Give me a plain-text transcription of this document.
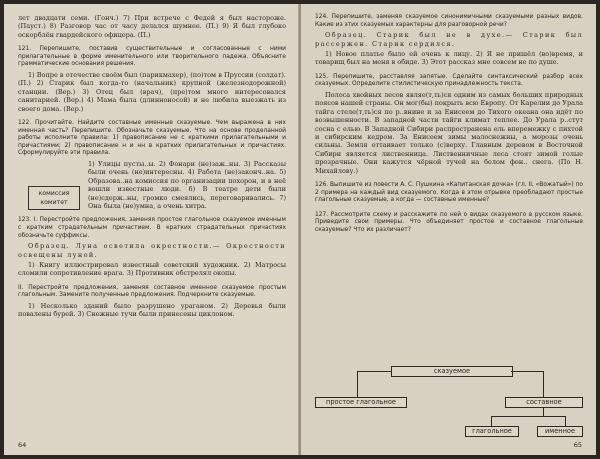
лет двадцати семи. (Гонч.) 7) При встрече с Федей я был настороже. (Пауст.) 8) Разговор час от часу делался шумнее. (П.) 9) Я был глубоко оскорблён гвардейского офицера. (П.)

121. Перепишите, поставив существительные и согласованные с ними прилагательные в форме именительного или творительного падежа. Объясните грамматические основания решения.

1) Вопре в отечестве своём был (парикмахер), (по)том в Пруссии (солдат). (П.) 2) Старик был когда-то (начальник) крупной (железнодорожной) станции. (Вер.) 3) Отец был (врач), (пре)том много интересовался санитарией. (Вер.) 4) Мама была (длинноносой) и не любила выезжать из своего дома. (Вер.)

122. Прочитайте. Найдите составные именные сказуемые. Чем выражена в них именная часть? Перепишите. Обозначьте сказуемые. Что на основе проделанной работы исполните правила: 1) правописание не с краткими прилагательными и причастиями; 2) правописание н и нн в кратких прилагательных и причастиях. Сформулируйте эти правила.

комиссия
комитет

1) Улицы пусты..ы. 2) Фонари (не)заж..ны. 3) Рассказы были очень (не)интересны. 4) Работа (не)законч..на. 5) Образова..на комиссия по организации похорон, и в неё вошли известные люди. 6) В театре дети были (не)сдерж..ны, громко смеялись, переговаривались. 7) Она была (не)умна, а очень хитра.

123. I. Перестройте предложения, заменяя простое глагольное сказуемое именным с кратким страдательным причастием. В кратких страдательных причастиях обозначьте суффиксы.

Образец. Луна осветила окрестности.— Окрестности освещены луной.

1) Книгу иллюстрировал известный советский художник. 2) Матросы сломили сопротивление врага. 3) Противник обстрелял окопы.

II. Перестройте предложения, заменяя составное именное сказуемое простым глагольным. Замените полученные предложения. Подчеркните сказуемые.

1) Несколько зданий было разрушено ураганом. 2) Деревья были повалены бурей. 3) Снежные тучи были принесены циклоном.

64

124. Перепишите, заменяя сказуемое синонимичными сказуемыми разных видов. Какие из этих сказуемых характерны для разговорной речи?

Образец. Старик был не в духе.— Старик был рассержен. Старик сердился.

1) Новое платье было ей очень к лицу. 2) Я не пришёл (во)время, и товарищ был на меня в обиде. 3) Этот рассказ мне совсем не по душе.

125. Перепишите, расставляя запятые. Сделайте синтаксический разбор всех сказуемых. Определите стилистическую принадлежность текста.

Полоса хвойных лесов являе(т,ть)ся одним из самых больших природных поясов нашей страны. Он мог(бы) покрыть всю Европу. От Карелии до Урала тайга стеле(т,ть)ся по р..внине и за Енисеем до Тихого океана она идёт по возвышенности. В западной части тайги климат теплее. До Урала р..стут сосна с елью. В Западной Сибири распространена ель вперемежку с пихтой и сибирским кедром. За Енисеем зимы малоснежны, а морозы очень сильны. Земля оттаивает только (с)верху. Главным деревом в Восточной Сибири является лиственница. Лиственничные леса стоят зимой голые прозрачные. Они кажутся чёрной тучей на белом фон.. снега. (По Н. Михайлову.)

126. Выпишите из повести А. С. Пушкина «Капитанская дочка» (гл. II, «Вожатый») по 2 примера на каждый вид сказуемого. Когда в этом отрывке преобладают простые глагольные сказуемые, а когда — составные именные?

127. Рассмотрите схему и расскажите по ней о видах сказуемого в русском языке. Приведите свои примеры. Что объединяет простое и составное глагольные сказуемые? Что их различает?

сказуемое
простое глагольное	составное
глагольное	именное
65
